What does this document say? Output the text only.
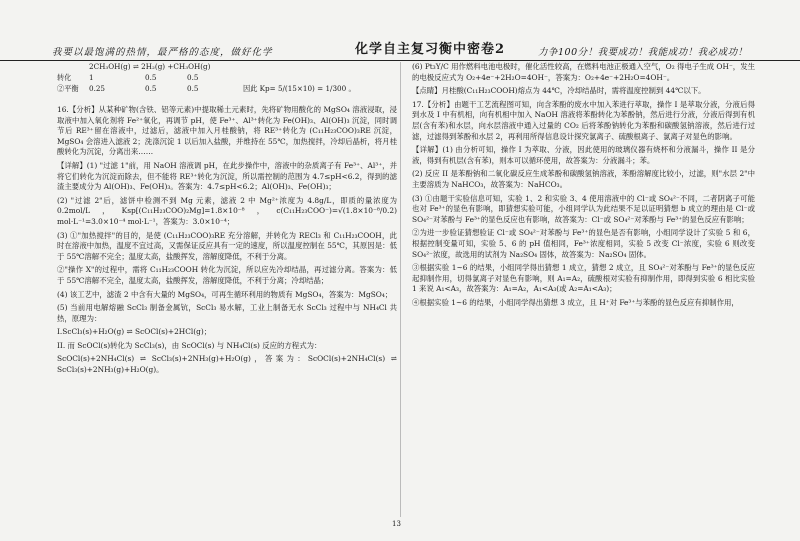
我要以最饱满的热情，最严格的态度，做好化学	化学自主复习衡中密卷2	力争100分！我要成功！我能成功！我必成功！
2CH₃OH(g) ⇌ 2H₂(g) +CH₃OH(g)
转化	1	0.5	0.5
②平衡	0.25	0.5	0.5	因此 Kp= 5/(15×10) = 1/300 。

16.【分析】从某种矿物(含铁、铝等元素)中提取稀土元素时，先将矿物用酸化的 MgSO₄ 溶液浸取，浸取液中加入氧化剂将 Fe²⁺氧化，再调节 pH，使 Fe³⁺、Al³⁺转化为 Fe(OH)₃、Al(OH)₃ 沉淀，同时调节后 RE³⁺留在溶液中，过滤后，滤液中加入月桂酸钠，将 RE³⁺转化为 (C₁₁H₂₃COO)₃RE 沉淀，MgSO₄ 会溶进入滤液 2；洗涤沉淀 1 以后加入盐酸，并维持在 55℃，加热搅拌，冷却后晶析，将月桂酸转化为沉淀，分离出来……

【详解】(1) "过滤 1"前，用 NaOH 溶液调 pH，在此步操作中，溶液中的杂质离子有 Fe³⁺、Al³⁺，并将它们转化为沉淀而除去，但不能将 RE³⁺转化为沉淀，所以需控制的范围为 4.7≤pH<6.2，得到的滤渣主要成分为 Al(OH)₃、Fe(OH)₃。答案为：4.7≤pH<6.2；Al(OH)₃、Fe(OH)₃；

(2) "过滤 2"后，滤饼中检测不到 Mg 元素，滤液 2 中 Mg²⁺浓度为 4.8g/L，即质的量浓度为 0.2mol/L，Ksp[(C₁₁H₂₃COO)₂Mg]=1.8×10⁻⁸，c(C₁₁H₂₃COO⁻)=√(1.8×10⁻⁸/0.2) mol·L⁻¹=3.0×10⁻⁴ mol·L⁻¹，答案为：3.0×10⁻⁴；

(3) ①"加热搅拌"的目的，是使 (C₁₁H₂₃COO)₃RE 充分溶解，并转化为 RECl₃ 和 C₁₁H₂₃COOH，此时在溶液中加热，温度不宜过高，又需保证反应具有一定的速度，所以温度控制在 55℃，其原因是：低于 55℃溶解不完全；温度太高，盐酸挥发，溶解度降低，不利于分离。

②"操作 X"的过程中，需将 C₁₁H₂₃COOH 转化为沉淀，所以应先冷却结晶，再过滤分离。答案为：低于 55℃溶解不完全，温度太高，盐酸挥发，溶解度降低，不利于分离；冷却结晶；

(4) 该工艺中，滤渣 2 中含有大量的 MgSO₄，可再生循环利用的物质有 MgSO₄，答案为：MgSO₄；

(5) 当前用电解熔融 ScCl₃ 制备金属钪，ScCl₃ 易水解，工业上制备无水 ScCl₃ 过程中与 NH₄Cl 共热，原理为：

I.ScCl₃(s)+H₂O(g) ⇌ ScOCl(s)+2HCl(g)；

II. 而 ScOCl(s)转化为 ScCl₃(s)，由 ScOCl(s) 与 NH₄Cl(s) 反应的方程式为：

ScOCl(s)+2NH₄Cl(s) ⇌ ScCl₃(s)+2NH₃(g)+H₂O(g)，答案为：ScOCl(s)+2NH₄Cl(s) ⇌ ScCl₃(s)+2NH₃(g)+H₂O(g)。

(6) Pt₃Y/C 用作燃料电池电极时，催化活性较高，在燃料电池正极通入空气，O₂ 得电子生成 OH⁻，发生的电极反应式为 O₂+4e⁻+2H₂O=4OH⁻，答案为：O₂+4e⁻+2H₂O=4OH⁻。

【点睛】月桂酸(C₁₁H₂₃COOH)熔点为 44℃，冷却结晶时，需将温度控制到 44℃以下。

17.【分析】由题干工艺流程图可知，向含苯酚的废水中加入苯进行萃取，操作 I 是萃取分液，分液后得到水及 I 中有机相，向有机相中加入 NaOH 溶液将苯酚转化为苯酚钠，然后进行分液，分液后得到有机层(含有苯)和水层，向水层溶液中通入过量的 CO₂ 后将苯酚钠转化为苯酚和碳酸氢钠溶液，然后进行过滤，过滤得到苯酚和水层 2，再利用所得信息设计探究氯离子、硫酸根离子、氯离子对显色的影响。

【详解】(1) 由分析可知，操作 I 为萃取、分液，因此使用的玻璃仪器有烧杯和分液漏斗，操作 II 是分液，得到有机层(含有苯)，则本可以循环使用，故答案为：分液漏斗；苯。

(2) 反应 II 是苯酚钠和二氧化碳反应生成苯酚和碳酸氢钠溶液，苯酚溶解度比较小，过滤，则"水层 2"中主要溶质为 NaHCO₃，故答案为：NaHCO₃。

(3) ①由题干实验信息可知，实验 1、2 和实验 3、4 使用溶液中的 Cl⁻或 SO₄²⁻不同，二者阴离子可能也对 Fe³⁺的显色有影响，即猜想实验可能，小组同学认为此结果不足以证明猜想 b 成立的理由是 Cl⁻或 SO₄²⁻对苯酚与 Fe³⁺的显色反应也有影响，故答案为：Cl⁻或 SO₄²⁻对苯酚与 Fe³⁺的显色反应有影响；

②为进一步验证猜想验证 Cl⁻或 SO₄²⁻对苯酚与 Fe³⁺的显色是否有影响，小组同学设计了实验 5 和 6，根据控制变量可知，实验 5、6 的 pH 值相同，Fe³⁺浓度相同，实验 5 改变 Cl⁻浓度，实验 6 则改变 SO₄²⁻浓度，故选用的试剂为 Na₂SO₄ 固体，故答案为：Na₂SO₄ 固体。

③根据实验 1~6 的结果，小组同学得出猜想 1 成立，猜想 2 成立，且 SO₄²⁻对苯酚与 Fe³⁺的显色反应起抑制作用，切得氯离子对显色有影响，则 A₁=A₂，硫酸根对实验有抑制作用，即得到实验 6 相比实验 1 来说 A₁<A₃，故答案为：A₁=A₂，A₁<A₃(或 A₂=A₁<A₃)；

④根据实验 1~6 的结果，小组同学得出猜想 3 成立，且 H⁺对 Fe³⁺与苯酚的显色反应有抑制作用，

13
